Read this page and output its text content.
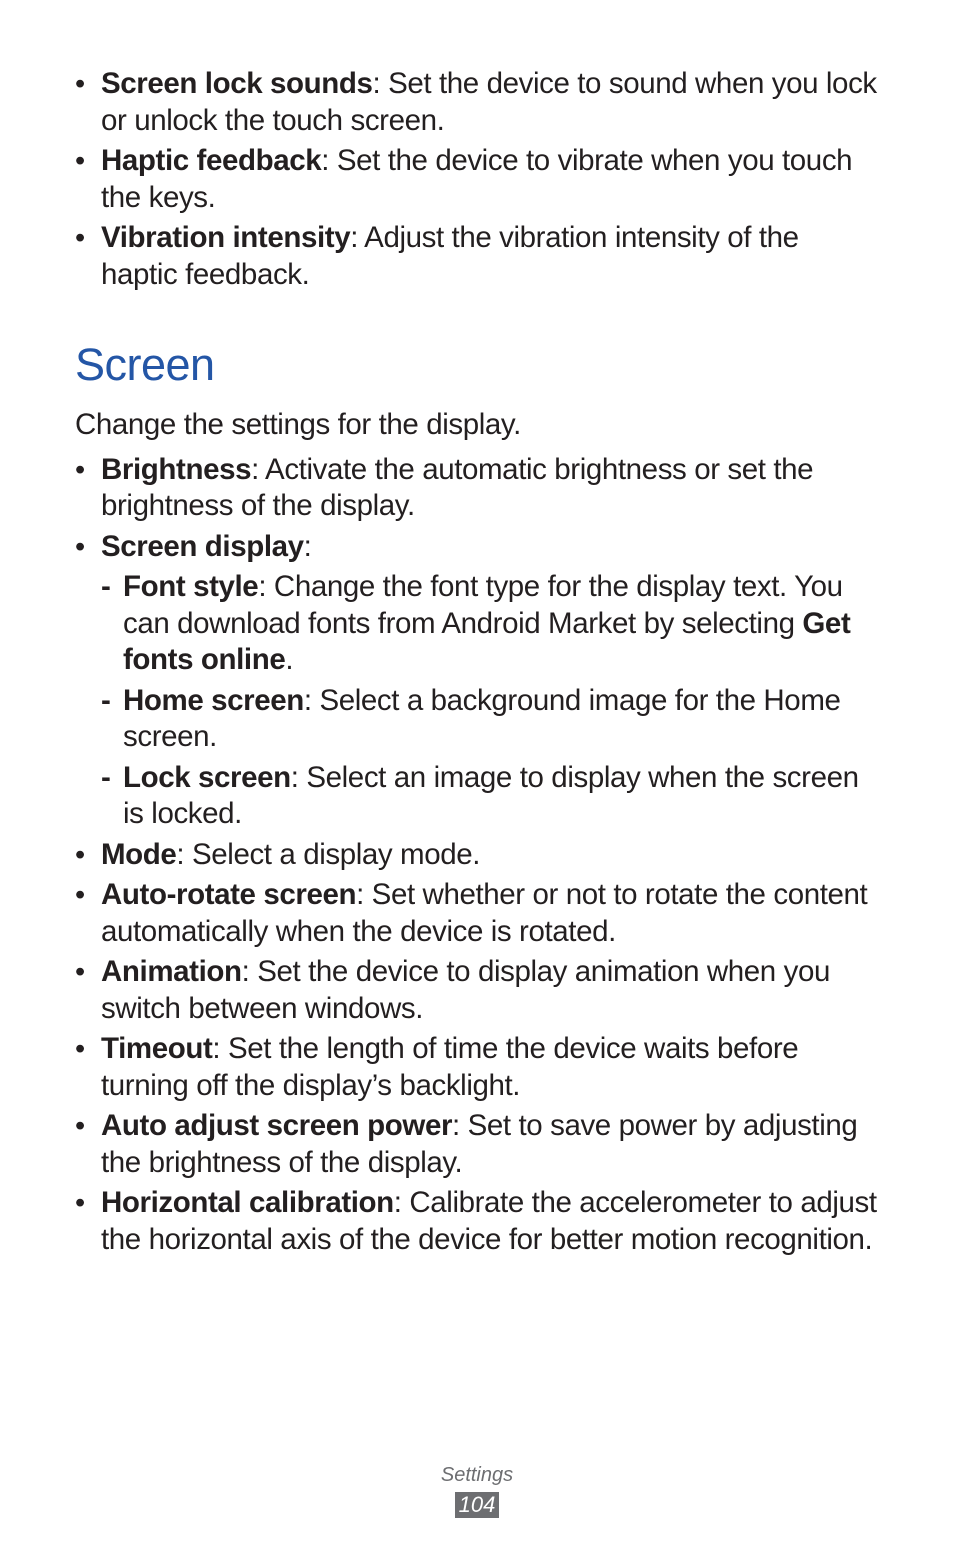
• Screen lock sounds: Set the device to sound when you lock or unlock the touch screen.
• Haptic feedback: Set the device to vibrate when you touch the keys.
• Vibration intensity: Adjust the vibration intensity of the haptic feedback.
Screen

Change the settings for the display.

• Brightness: Activate the automatic brightness or set the brightness of the display.
• Screen display:
- Font style: Change the font type for the display text. You can download fonts from Android Market by selecting Get fonts online.
- Home screen: Select a background image for the Home screen.
- Lock screen: Select an image to display when the screen is locked.
• Mode: Select a display mode.
• Auto-rotate screen: Set whether or not to rotate the content automatically when the device is rotated.
• Animation: Set the device to display animation when you switch between windows.
• Timeout: Set the length of time the device waits before turning off the display’s backlight.
• Auto adjust screen power: Set to save power by adjusting the brightness of the display.
• Horizontal calibration: Calibrate the accelerometer to adjust the horizontal axis of the device for better motion recognition.
Settings
104
